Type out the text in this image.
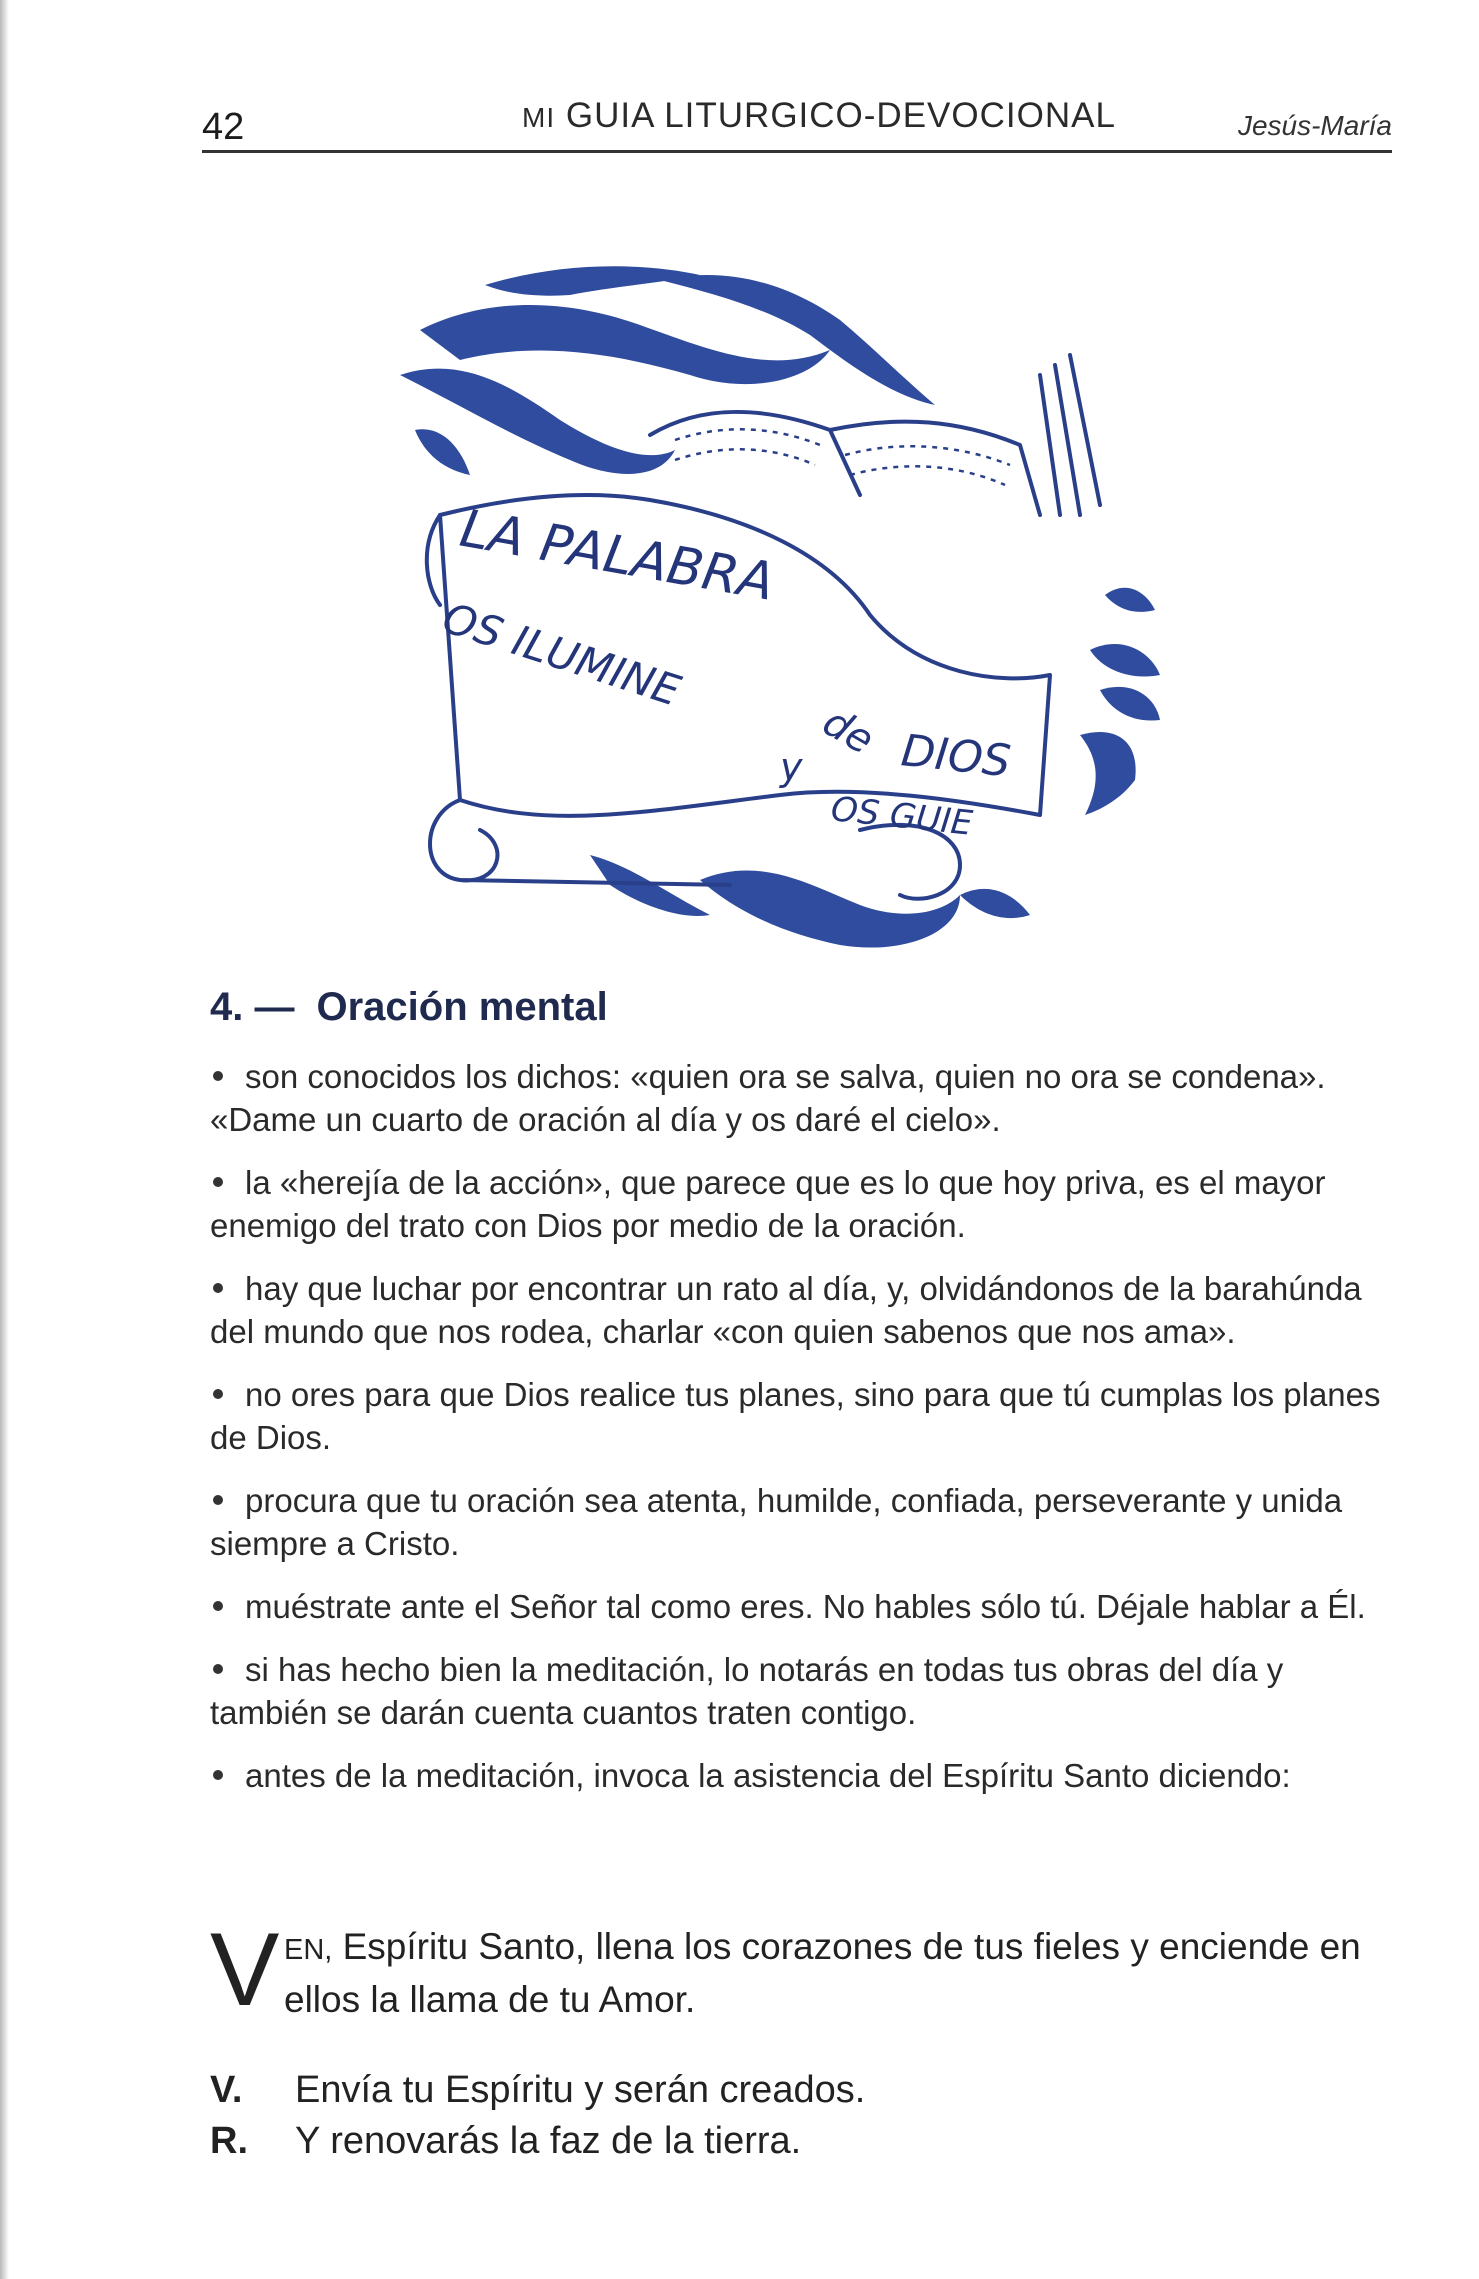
42	MI GUIA LITURGICO-DEVOCIONAL	Jesús-María
LA PALABRA
OS ILUMINE
de DIOS
y
OS GUIE
4. — Oración mental
son conocidos los dichos: «quien ora se salva, quien no ora se condena». «Dame un cuarto de oración al día y os daré el cielo».
la «herejía de la acción», que parece que es lo que hoy priva, es el mayor enemigo del trato con Dios por medio de la oración.
hay que luchar por encontrar un rato al día, y, olvidándonos de la barahúnda del mundo que nos rodea, charlar «con quien sabenos que nos ama».
no ores para que Dios realice tus planes, sino para que tú cumplas los planes de Dios.
procura que tu oración sea atenta, humilde, confiada, perseverante y unida siempre a Cristo.
muéstrate ante el Señor tal como eres. No hables sólo tú. Déjale hablar a Él.
si has hecho bien la meditación, lo notarás en todas tus obras del día y también se darán cuenta cuantos traten contigo.
antes de la meditación, invoca la asistencia del Espíritu Santo diciendo:
V EN, Espíritu Santo, llena los corazones de tus fieles y enciende en ellos la llama de tu Amor.
V. Envía tu Espíritu y serán creados.
R. Y renovarás la faz de la tierra.
